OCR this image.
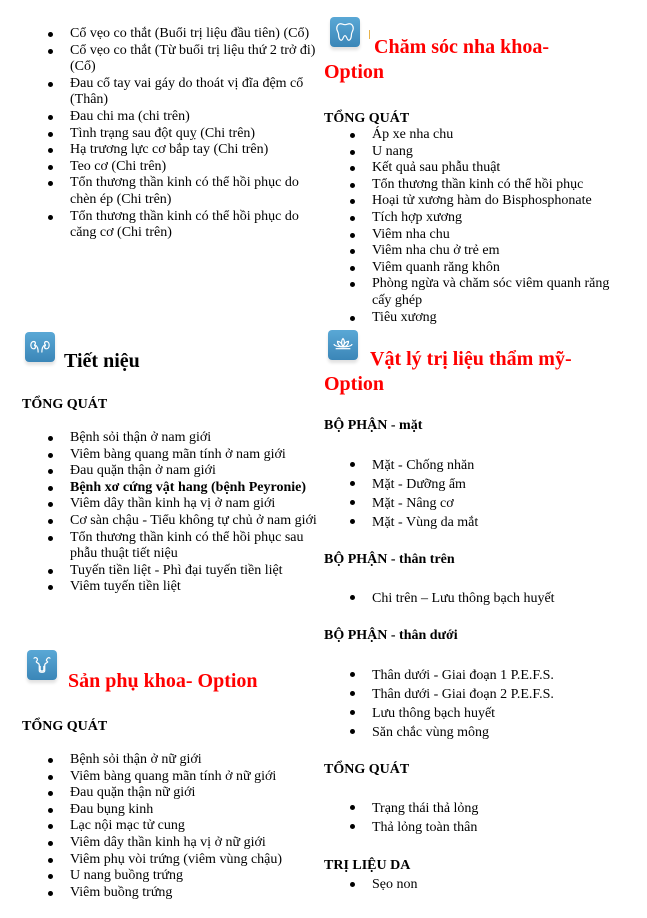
Cổ vẹo co thắt (Buổi trị liệu đầu tiên) (Cổ)
Cổ vẹo co thắt (Từ buổi trị liệu thứ 2 trở đi) (Cổ)
Đau cổ tay vai gáy do thoát vị đĩa đệm cổ (Thân)
Đau chi ma (chi trên)
Tình trạng sau đột quỵ (Chi trên)
Hạ trương lực cơ bắp tay (Chi trên)
Teo cơ (Chi trên)
Tổn thương thần kinh có thể hồi phục do chèn ép (Chi trên)
Tổn thương thần kinh có thể hồi phục do căng cơ (Chi trên)
Tiết niệu
TỔNG QUÁT
Bệnh sỏi thận ở nam giới
Viêm bàng quang mãn tính ở nam giới
Đau quặn thận ở nam giới
Bệnh xơ cứng vật hang (bệnh Peyronie)
Viêm dây thần kinh hạ vị ở nam giới
Cơ sàn chậu - Tiểu không tự chủ ở nam giới
Tổn thương thần kinh có thể hồi phục sau phẫu thuật tiết niệu
Tuyến tiền liệt - Phì đại tuyến tiền liệt
Viêm tuyến tiền liệt
Sản phụ khoa- Option
TỔNG QUÁT
Bệnh sỏi thận ở nữ giới
Viêm bàng quang mãn tính ở nữ giới
Đau quặn thận nữ giới
Đau bụng kinh
Lạc nội mạc tử cung
Viêm dây thần kinh hạ vị ở nữ giới
Viêm phụ vòi trứng (viêm vùng chậu)
U nang buồng trứng
Viêm buồng trứng
Chăm sóc nha khoa-
Option
TỔNG QUÁT
Áp xe nha chu
U nang
Kết quả sau phẫu thuật
Tổn thương thần kinh có thể hồi phục
Hoại tử xương hàm do Bisphosphonate
Tích hợp xương
Viêm nha chu
Viêm nha chu ở trẻ em
Viêm quanh răng khôn
Phòng ngừa và chăm sóc viêm quanh răng cấy ghép
Tiêu xương
Vật lý trị liệu thẩm mỹ-
Option
BỘ PHẬN - mặt
Mặt - Chống nhăn
Mặt - Dưỡng ẩm
Mặt - Nâng cơ
Mặt - Vùng da mắt
BỘ PHẬN - thân trên
Chi trên – Lưu thông bạch huyết
BỘ PHẬN - thân dưới
Thân dưới - Giai đoạn 1 P.E.F.S.
Thân dưới - Giai đoạn 2 P.E.F.S.
Lưu thông bạch huyết
Săn chắc vùng mông
TỔNG QUÁT
Trạng thái thả lỏng
Thả lỏng toàn thân
TRỊ LIỆU DA
Sẹo non
